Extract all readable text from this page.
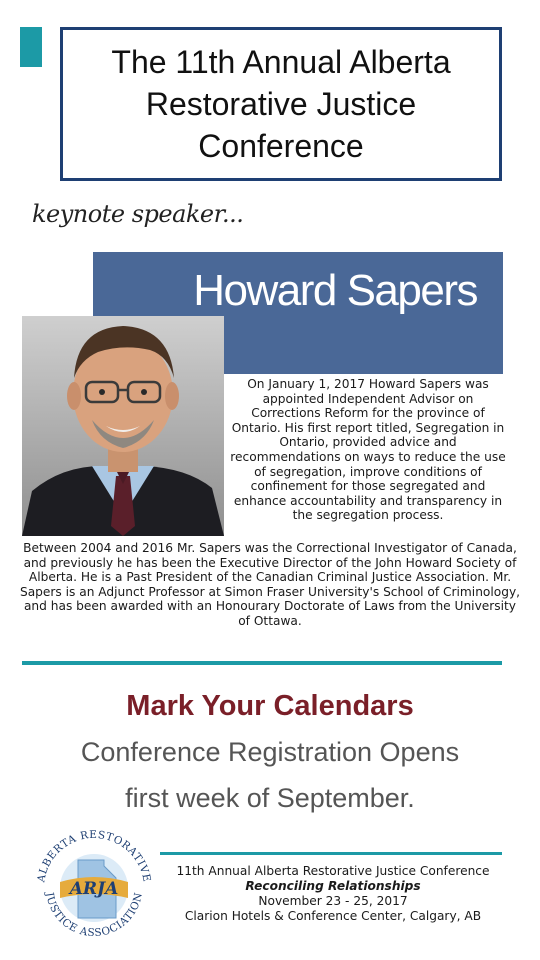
The 11th Annual Alberta
Restorative Justice
Conference
keynote speaker...
Howard Sapers
On January 1, 2017 Howard Sapers was appointed Independent Advisor on Corrections Reform for the province of Ontario. His first report titled, Segregation in Ontario, provided advice and recommendations on ways to reduce the use of segregation, improve conditions of confinement for those segregated and enhance accountability and transparency in the segregation process.
Between 2004 and 2016 Mr. Sapers was the Correctional Investigator of Canada, and previously he has been the Executive Director of the John Howard Society of Alberta. He is a Past President of the Canadian Criminal Justice Association. Mr. Sapers is an Adjunct Professor at Simon Fraser University's School of Criminology, and has been awarded with an Honourary Doctorate of Laws from the University of Ottawa.
Mark Your Calendars
Conference Registration Opens
first week of September.
ARJA
ALBERTA RESTORATIVE
JUSTICE ASSOCIATION
11th Annual Alberta Restorative Justice Conference
Reconciling Relationships
November 23 - 25, 2017
Clarion Hotels & Conference Center, Calgary, AB
